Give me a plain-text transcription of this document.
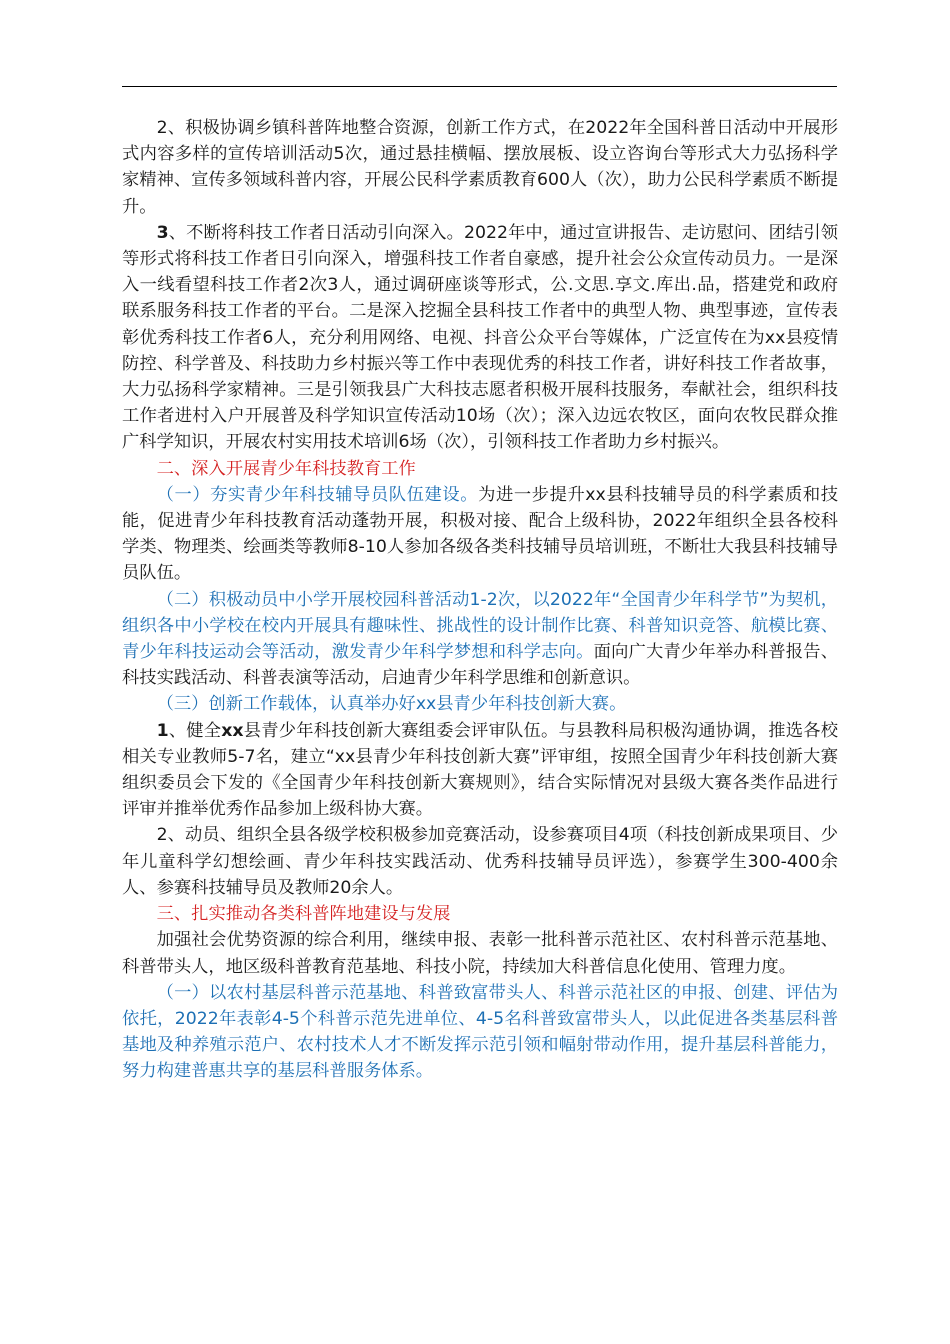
2、积极协调乡镇科普阵地整合资源，创新工作方式，在2022年全国科普日活动中开展形式内容多样的宣传培训活动5次，通过悬挂横幅、摆放展板、设立咨询台等形式大力弘扬科学家精神、宣传多领域科普内容，开展公民科学素质教育600人（次），助力公民科学素质不断提升。

3、不断将科技工作者日活动引向深入。2022年中，通过宣讲报告、走访慰问、团结引领等形式将科技工作者日引向深入，增强科技工作者自豪感，提升社会公众宣传动员力。一是深入一线看望科技工作者2次3人，通过调研座谈等形式，公.文思.享文.库出.品，搭建党和政府联系服务科技工作者的平台。二是深入挖掘全县科技工作者中的典型人物、典型事迹，宣传表彰优秀科技工作者6人，充分利用网络、电视、抖音公众平台等媒体，广泛宣传在为xx县疫情防控、科学普及、科技助力乡村振兴等工作中表现优秀的科技工作者，讲好科技工作者故事，大力弘扬科学家精神。三是引领我县广大科技志愿者积极开展科技服务，奉献社会，组织科技工作者进村入户开展普及科学知识宣传活动10场（次）；深入边远农牧区，面向农牧民群众推广科学知识，开展农村实用技术培训6场（次），引领科技工作者助力乡村振兴。

二、深入开展青少年科技教育工作

（一）夯实青少年科技辅导员队伍建设。为进一步提升xx县科技辅导员的科学素质和技能，促进青少年科技教育活动蓬勃开展，积极对接、配合上级科协，2022年组织全县各校科学类、物理类、绘画类等教师8-10人参加各级各类科技辅导员培训班，不断壮大我县科技辅导员队伍。

（二）积极动员中小学开展校园科普活动1-2次，以2022年“全国青少年科学节”为契机，组织各中小学校在校内开展具有趣味性、挑战性的设计制作比赛、科普知识竞答、航模比赛、青少年科技运动会等活动，激发青少年科学梦想和科学志向。面向广大青少年举办科普报告、科技实践活动、科普表演等活动，启迪青少年科学思维和创新意识。

（三）创新工作载体，认真举办好xx县青少年科技创新大赛。

1、健全xx县青少年科技创新大赛组委会评审队伍。与县教科局积极沟通协调，推选各校相关专业教师5-7名，建立“xx县青少年科技创新大赛”评审组，按照全国青少年科技创新大赛组织委员会下发的《全国青少年科技创新大赛规则》，结合实际情况对县级大赛各类作品进行评审并推举优秀作品参加上级科协大赛。

2、动员、组织全县各级学校积极参加竞赛活动，设参赛项目4项（科技创新成果项目、少年儿童科学幻想绘画、青少年科技实践活动、优秀科技辅导员评选），参赛学生300-400余人、参赛科技辅导员及教师20余人。

三、扎实推动各类科普阵地建设与发展

加强社会优势资源的综合利用，继续申报、表彰一批科普示范社区、农村科普示范基地、科普带头人，地区级科普教育范基地、科技小院，持续加大科普信息化使用、管理力度。

（一）以农村基层科普示范基地、科普致富带头人、科普示范社区的申报、创建、评估为依托，2022年表彰4-5个科普示范先进单位、4-5名科普致富带头人，以此促进各类基层科普基地及种养殖示范户、农村技术人才不断发挥示范引领和幅射带动作用，提升基层科普能力，努力构建普惠共享的基层科普服务体系。
